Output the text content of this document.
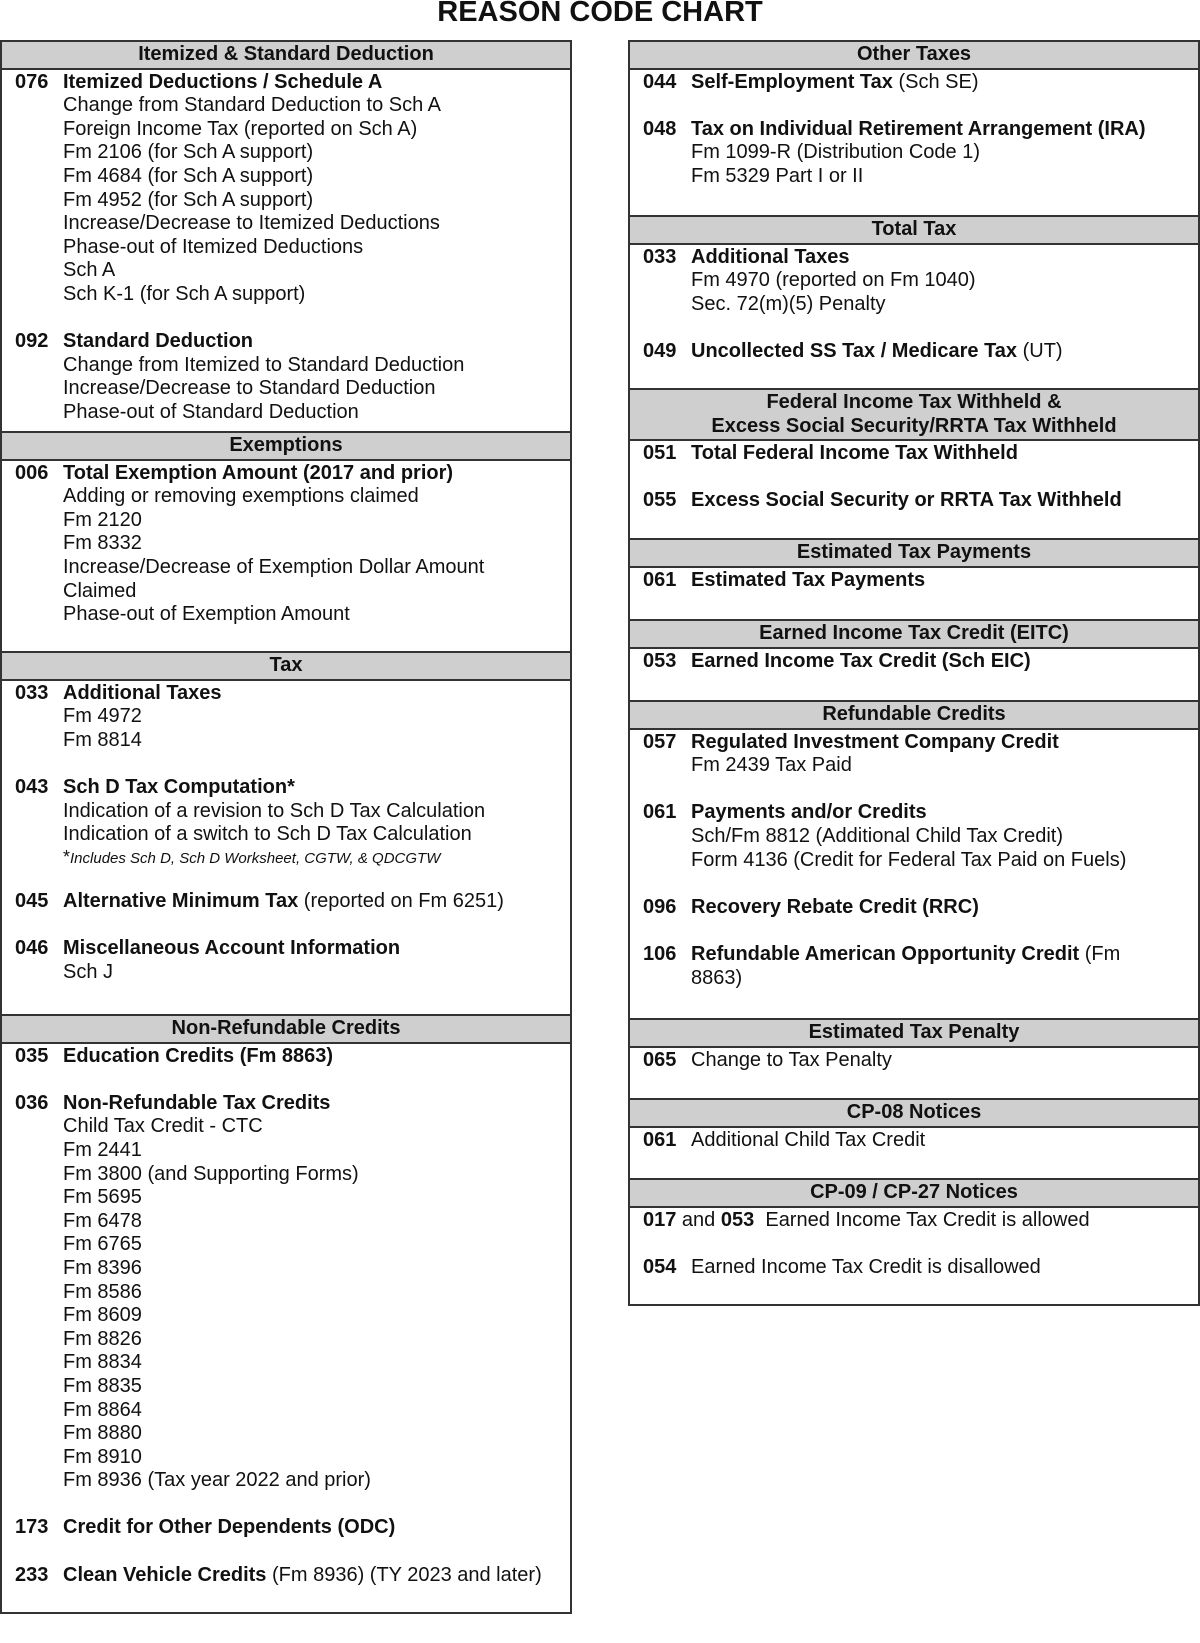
REASON CODE CHART
Itemized & Standard Deduction
076 Itemized Deductions / Schedule A
Change from Standard Deduction to Sch A
Foreign Income Tax (reported on Sch A)
Fm 2106 (for Sch A support)
Fm 4684 (for Sch A support)
Fm 4952 (for Sch A support)
Increase/Decrease to Itemized Deductions
Phase-out of Itemized Deductions
Sch A
Sch K-1 (for Sch A support)
092 Standard Deduction
Change from Itemized to Standard Deduction
Increase/Decrease to Standard Deduction
Phase-out of Standard Deduction
Exemptions
006 Total Exemption Amount (2017 and prior)
Adding or removing exemptions claimed
Fm 2120
Fm 8332
Increase/Decrease of Exemption Dollar Amount
Claimed
Phase-out of Exemption Amount
Tax
033 Additional Taxes
Fm 4972
Fm 8814
043 Sch D Tax Computation*
Indication of a revision to Sch D Tax Calculation
Indication of a switch to Sch D Tax Calculation
*Includes Sch D, Sch D Worksheet, CGTW, & QDCGTW
045 Alternative Minimum Tax (reported on Fm 6251)
046 Miscellaneous Account Information
Sch J
Non-Refundable Credits
035 Education Credits (Fm 8863)
036 Non-Refundable Tax Credits
Child Tax Credit - CTC
Fm 2441
Fm 3800 (and Supporting Forms)
Fm 5695
Fm 6478
Fm 6765
Fm 8396
Fm 8586
Fm 8609
Fm 8826
Fm 8834
Fm 8835
Fm 8864
Fm 8880
Fm 8910
Fm 8936 (Tax year 2022 and prior)
173 Credit for Other Dependents (ODC)
233 Clean Vehicle Credits (Fm 8936) (TY 2023 and later)
Other Taxes
044 Self-Employment Tax (Sch SE)
048 Tax on Individual Retirement Arrangement (IRA)
Fm 1099-R (Distribution Code 1)
Fm 5329 Part I or II
Total Tax
033 Additional Taxes
Fm 4970 (reported on Fm 1040)
Sec. 72(m)(5) Penalty
049 Uncollected SS Tax / Medicare Tax (UT)
Federal Income Tax Withheld &
Excess Social Security/RRTA Tax Withheld
051 Total Federal Income Tax Withheld
055 Excess Social Security or RRTA Tax Withheld
Estimated Tax Payments
061 Estimated Tax Payments
Earned Income Tax Credit (EITC)
053 Earned Income Tax Credit (Sch EIC)
Refundable Credits
057 Regulated Investment Company Credit
Fm 2439 Tax Paid
061 Payments and/or Credits
Sch/Fm 8812 (Additional Child Tax Credit)
Form 4136 (Credit for Federal Tax Paid on Fuels)
096 Recovery Rebate Credit (RRC)
106 Refundable American Opportunity Credit (Fm
8863)
Estimated Tax Penalty
065 Change to Tax Penalty
CP-08 Notices
061 Additional Child Tax Credit
CP-09 / CP-27 Notices
017 and 053  Earned Income Tax Credit is allowed
054 Earned Income Tax Credit is disallowed
